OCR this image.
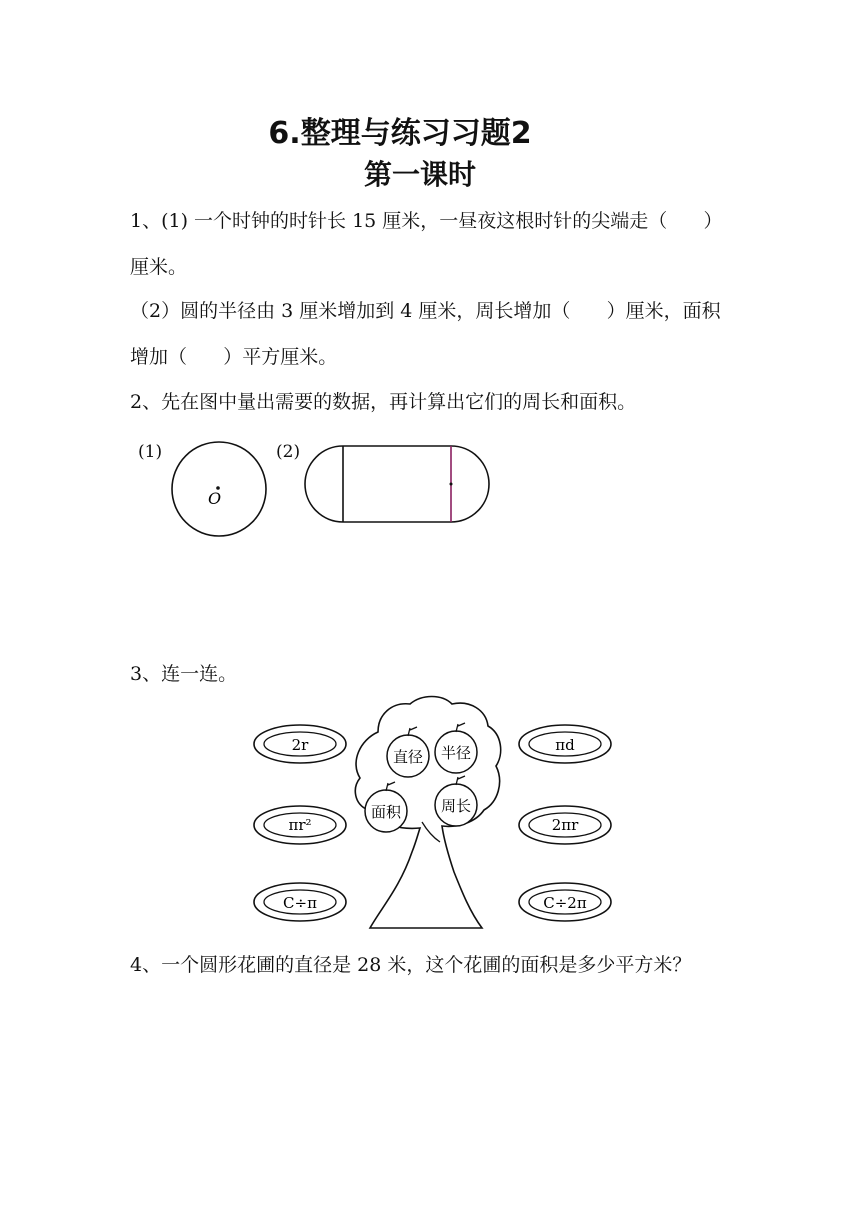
6.整理与练习习题2
第一课时
1、(1) 一个时钟的时针长 15 厘米，一昼夜这根时针的尖端走（      ）
厘米。
（2）圆的半径由 3 厘米增加到 4 厘米，周长增加（      ）厘米，面积
增加（      ）平方厘米。
2、先在图中量出需要的数据，再计算出它们的周长和面积。
(1)
O
(2)
3、连一连。
2r
πr²
C÷π
πd
2πr
C÷2π
直径 半径
面积	周长
4、一个圆形花圃的直径是 28 米，这个花圃的面积是多少平方米？
